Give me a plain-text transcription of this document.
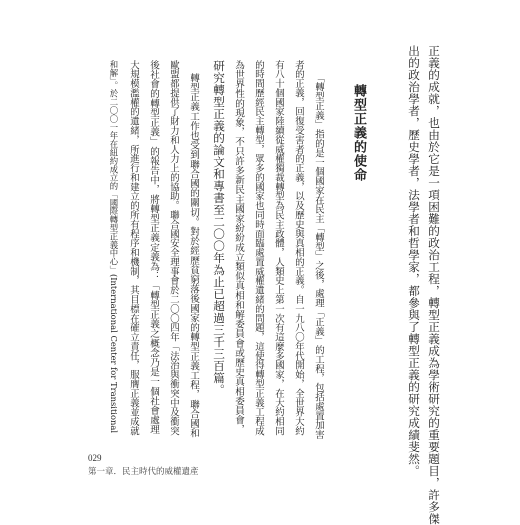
正義的成就，也由於它是一項困難的政治工程，轉型正義成為學術研究的重要題目，許多傑
出的政治學者，歷史學者，法學者和哲學家，都參與了轉型正義的研究成績斐然。
轉型正義的使命
「轉型正義」指的是一個國家在民主「轉型」之後，處理「正義」的工程，包括處置加害
者的正義，回復受害者的正義，以及歷史與真相的正義。自一九八〇年代開始，全世界大約
有八十個國家陸續從威權獨裁轉型為民主政體，人類史上第一次有這麼多國家，在大約相同
的時間歷經民主轉型，眾多的國家也同時面臨處置威權遺緒的問題，這使得轉型正義工程成
為世界性的現象，不只許多新民主國家紛紛成立類似真相和解委員會或歷史真相委員會，
研究轉型正義的論文和專書至二〇〇年為止已超過三千三百篇。
轉型正義工作也受到聯合國的關切。對於經歷貧窮落後國家的轉型正義工程，聯合國和
歐盟都提供了財力和人力上的協助。聯合國安全理事會於二〇〇四年「法治與衝突中及衝突
後社會的轉型正義」的報告中，將轉型正義定義為：「轉型正義之概念乃是一個社會處理
大規模濫權的遺緒，所進行和建立的所有程序和機制，其目標在確立責任，服膺正義並成就
和解」。於二〇〇一年在紐約成立的「國際轉型正義中心」(International Center for Transitional
029
第一章．民主時代的威權遺產
